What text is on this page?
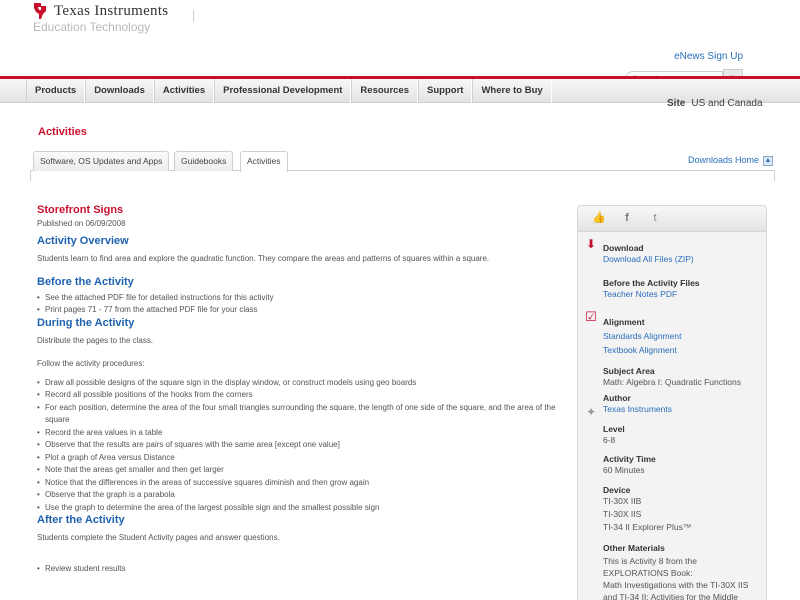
Texas Instruments
Education Technology
eNews Sign Up
Products	Downloads	Activities	Professional Development	Resources	Support	Where to Buy
Site US and Canada
Activities
Software, OS Updates and Apps	Guidebooks	Activities	Downloads Home ▲
Storefront Signs
Published on 06/09/2008
Activity Overview
Students learn to find area and explore the quadratic function. They compare the areas and patterns of squares within a square.
Before the Activity
• See the attached PDF file for detailed instructions for this activity
• Print pages 71 - 77 from the attached PDF file for your class
During the Activity
Distribute the pages to the class.
Follow the activity procedures:
• Draw all possible designs of the square sign in the display window, or construct models using geo boards
• Record all possible positions of the hooks from the corners
• For each position, determine the area of the four small triangles surrounding the square, the length of one side of the square, and the area of the square
• Record the area values in a table
• Observe that the results are pairs of squares with the same area [except one value]
• Plot a graph of Area versus Distance
• Note that the areas get smaller and then get larger
• Notice that the differences in the areas of successive squares diminish and then grow again
• Observe that the graph is a parabola
• Use the graph to determine the area of the largest possible sign and the smallest possible sign
After the Activity
Students complete the Student Activity pages and answer questions.
• Review student results
👍	f	t
⬇ Download
Download All Files (ZIP)
Before the Activity Files
Teacher Notes PDF
☑ Alignment
Standards Alignment
Textbook Alignment
Subject Area
Math: Algebra I: Quadratic Functions
✦
Author
Texas Instruments
Level
6-8
Activity Time
60 Minutes
Device
TI-30X IIB
TI-30X IIS
TI-34 II Explorer Plus™
Other Materials
This is Activity 8 from the
EXPLORATIONS Book:
Math Investigations with the TI-30X IIS
and TI-34 II: Activities for the Middle
